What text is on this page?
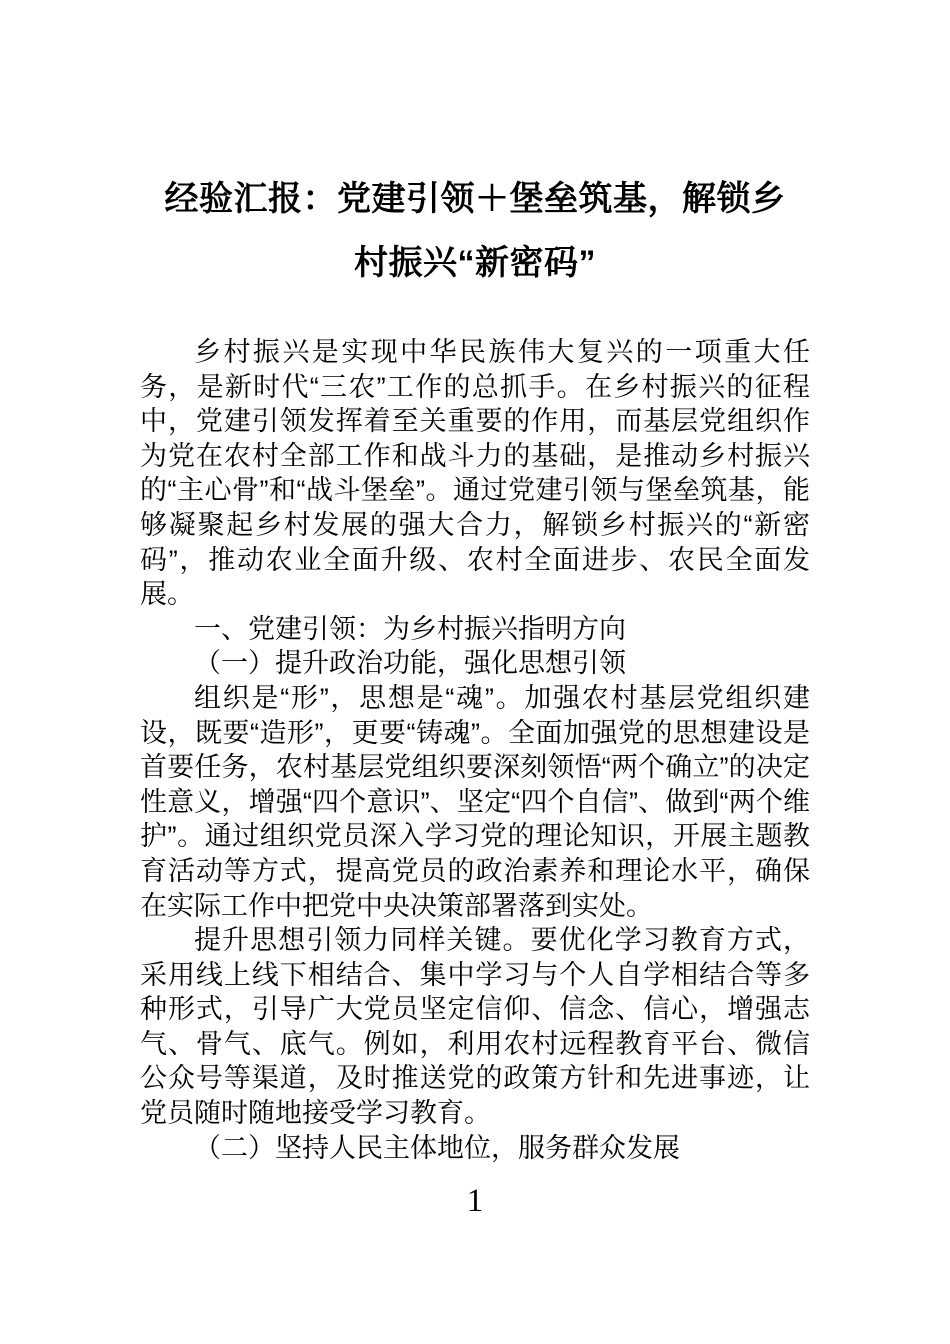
经验汇报：党建引领＋堡垒筑基，解锁乡
村振兴“新密码”

乡村振兴是实现中华民族伟大复兴的一项重大任务，是新时代“三农”工作的总抓手。在乡村振兴的征程中，党建引领发挥着至关重要的作用，而基层党组织作为党在农村全部工作和战斗力的基础，是推动乡村振兴的“主心骨”和“战斗堡垒”。通过党建引领与堡垒筑基，能够凝聚起乡村发展的强大合力，解锁乡村振兴的“新密码”，推动农业全面升级、农村全面进步、农民全面发展。

一、党建引领：为乡村振兴指明方向

（一）提升政治功能，强化思想引领

组织是“形”，思想是“魂”。加强农村基层党组织建设，既要“造形”，更要“铸魂”。全面加强党的思想建设是首要任务，农村基层党组织要深刻领悟“两个确立”的决定性意义，增强“四个意识”、坚定“四个自信”、做到“两个维护”。通过组织党员深入学习党的理论知识，开展主题教育活动等方式，提高党员的政治素养和理论水平，确保在实际工作中把党中央决策部署落到实处。

提升思想引领力同样关键。要优化学习教育方式，采用线上线下相结合、集中学习与个人自学相结合等多种形式，引导广大党员坚定信仰、信念、信心，增强志气、骨气、底气。例如，利用农村远程教育平台、微信公众号等渠道，及时推送党的政策方针和先进事迹，让党员随时随地接受学习教育。

（二）坚持人民主体地位，服务群众发展

1
